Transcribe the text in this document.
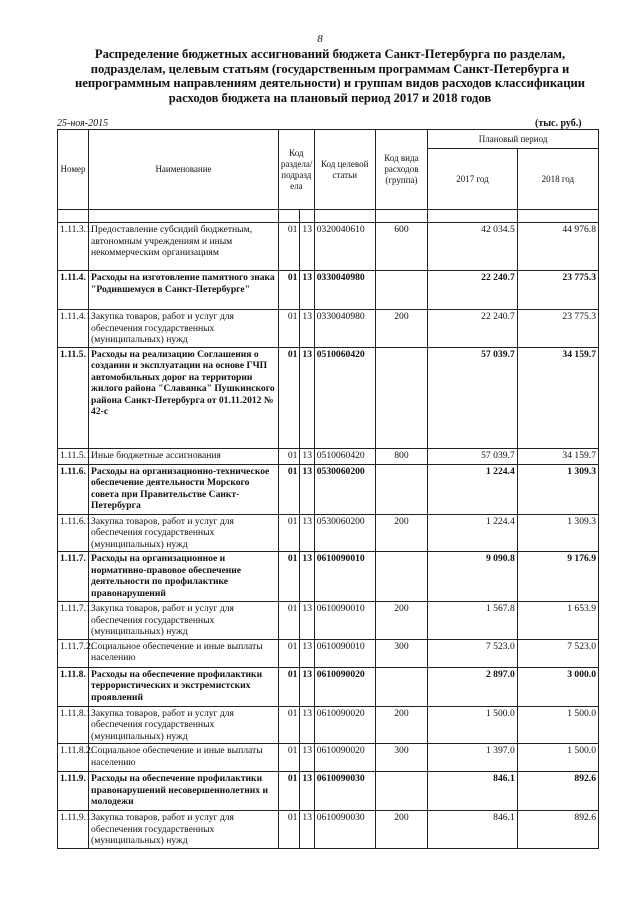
8
Распределение бюджетных ассигнований бюджета Санкт-Петербурга по разделам, подразделам, целевым статьям (государственным программам Санкт-Петербурга и непрограммным направлениям деятельности) и группам видов расходов классификации расходов бюджета на плановый период 2017 и 2018 годов
25-ноя-2015	(тыс. руб.)
Номер	Наименование	Код раздела/ подразд ела		Код целевой статьи	Код вида расходов (группа)	Плановый период	
						2017 год	2018 год

1.11.3.1.	Предоставление субсидий бюджетным, автономным учреждениям и иным некоммерческим организациям	01	13	0320040610	600	42 034.5	44 976.8
1.11.4.	Расходы на изготовление памятного знака "Родившемуся в Санкт-Петербурге"	01	13	0330040980		22 240.7	23 775.3
1.11.4.1.	Закупка товаров, работ и услуг для обеспечения государственных (муниципальных) нужд	01	13	0330040980	200	22 240.7	23 775.3
1.11.5.	Расходы на реализацию Соглашения о создании и эксплуатации на основе ГЧП автомобильных дорог на территории жилого района "Славянка" Пушкинского района Санкт-Петербурга от 01.11.2012 № 42-с	01	13	0510060420		57 039.7	34 159.7
1.11.5.1.	Иные бюджетные ассигнования	01	13	0510060420	800	57 039.7	34 159.7
1.11.6.	Расходы на организационно-техническое обеспечение деятельности Морского совета при Правительстве Санкт-Петербурга	01	13	0530060200		1 224.4	1 309.3
1.11.6.1.	Закупка товаров, работ и услуг для обеспечения государственных (муниципальных) нужд	01	13	0530060200	200	1 224.4	1 309.3
1.11.7.	Расходы на организационное и нормативно-правовое обеспечение деятельности по профилактике правонарушений	01	13	0610090010		9 090.8	9 176.9
1.11.7.1.	Закупка товаров, работ и услуг для обеспечения государственных (муниципальных) нужд	01	13	0610090010	200	1 567.8	1 653.9
1.11.7.2.	Социальное обеспечение и иные выплаты населению	01	13	0610090010	300	7 523.0	7 523.0
1.11.8.	Расходы на обеспечение профилактики террористических и экстремистских проявлений	01	13	0610090020		2 897.0	3 000.0
1.11.8.1.	Закупка товаров, работ и услуг для обеспечения государственных (муниципальных) нужд	01	13	0610090020	200	1 500.0	1 500.0
1.11.8.2.	Социальное обеспечение и иные выплаты населению	01	13	0610090020	300	1 397.0	1 500.0
1.11.9.	Расходы на обеспечение профилактики правонарушений несовершеннолетних и молодежи	01	13	0610090030		846.1	892.6
1.11.9.1.	Закупка товаров, работ и услуг для обеспечения государственных (муниципальных) нужд	01	13	0610090030	200	846.1	892.6
